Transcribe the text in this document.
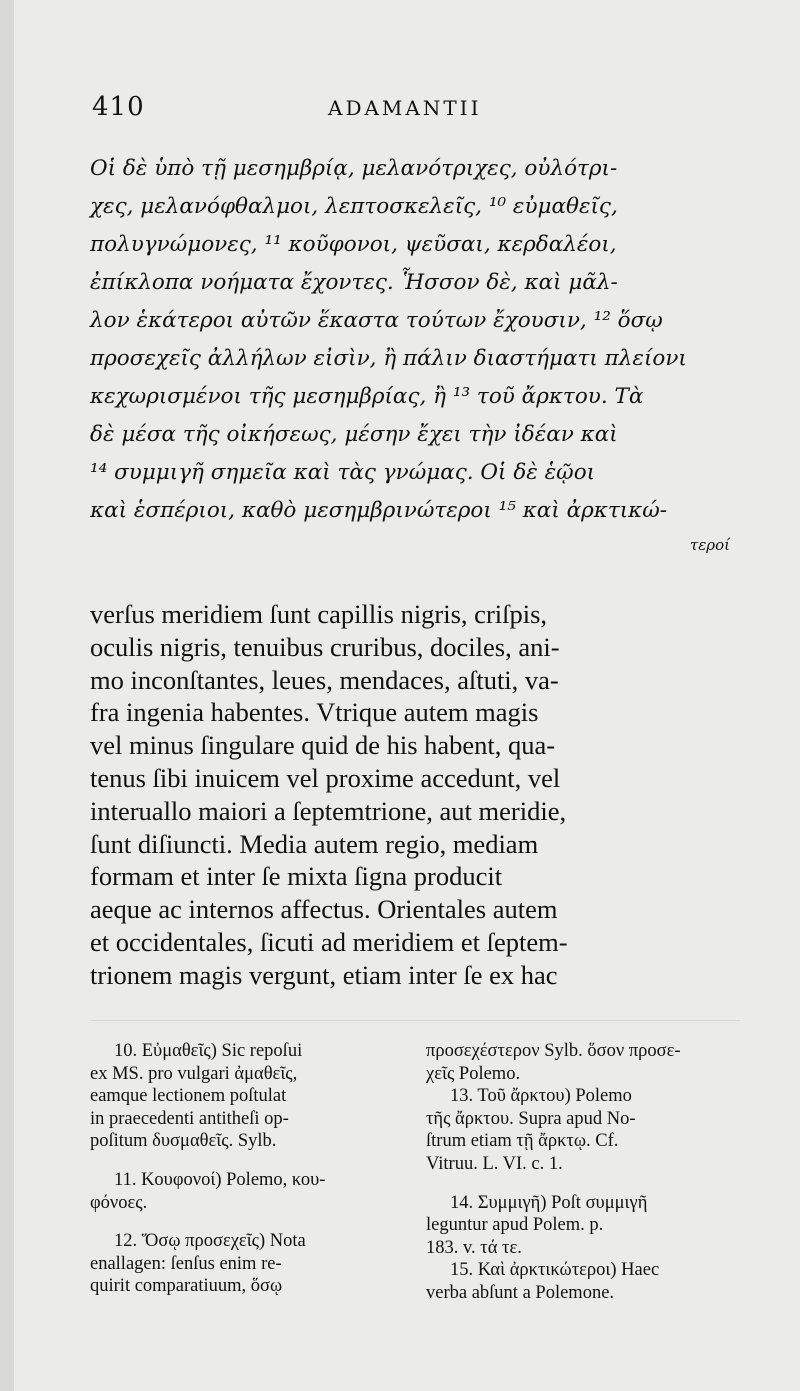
410	ADAMANTII
Οἱ δὲ ὑπὸ τῇ μεσημβρίᾳ, μελανότριχες, οὐλότρι-
χες, μελανόφθαλμοι, λεπτοσκελεῖς, ¹⁰ εὐμαθεῖς,
πολυγνώμονες, ¹¹ κοῦφονοι, ψεῦσαι, κερδαλέοι,
ἐπίκλοπα νοήματα ἔχοντες. Ἧσσον δὲ, καὶ μᾶλ-
λον ἑκάτεροι αὐτῶν ἕκαστα τούτων ἔχουσιν, ¹² ὅσῳ
προσεχεῖς ἀλλήλων εἰσὶν, ἢ πάλιν διαστήματι πλείονι
κεχωρισμένοι τῆς μεσημβρίας, ἢ ¹³ τοῦ ἄρκτου. Τὰ
δὲ μέσα τῆς οἰκήσεως, μέσην ἔχει τὴν ἰδέαν καὶ
¹⁴ συμμιγῆ σημεῖα καὶ τὰς γνώμας. Οἱ δὲ ἑῷοι
καὶ ἑσπέριοι, καθὸ μεσημβρινώτεροι ¹⁵ καὶ ἀρκτικώ-
τεροί
verſus meridiem ſunt capillis nigris, criſpis,
oculis nigris, tenuibus cruribus, dociles, ani-
mo inconſtantes, leues, mendaces, aſtuti, va-
fra ingenia habentes. Vtrique autem magis
vel minus ſingulare quid de his habent, qua-
tenus ſibi inuicem vel proxime accedunt, vel
interuallo maiori a ſeptemtrione, aut meridie,
ſunt diſiuncti. Media autem regio, mediam
formam et inter ſe mixta ſigna producit
aeque ac internos affectus. Orientales autem
et occidentales, ſicuti ad meridiem et ſeptem-
trionem magis vergunt, etiam inter ſe ex hac
10. Εὐμαθεῖς) Sic repoſui
ex MS. pro vulgari ἀμαθεῖς,
eamque lectionem poſtulat
in praecedenti antitheſi op-
poſitum δυσμαθεῖς. Sylb.
11. Κουφονοί) Polemo, κου-
φόνοες.
12. Ὅσῳ προσεχεῖς) Nota
enallagen: ſenſus enim re-
quirit comparatiuum, ὅσῳ
προσεχέστερον Sylb. ὅσον προσε-
χεῖς Polemo.
13. Τοῦ ἄρκτου) Polemo
τῆς ἄρκτου. Supra apud No-
ſtrum etiam τῇ ἄρκτῳ. Cf.
Vitruu. L. VI. c. 1.
14. Συμμιγῆ) Poſt συμμιγῆ
leguntur apud Polem. p.
183. v. τά τε.
15. Καὶ ἀρκτικώτεροι) Haec
verba abſunt a Polemone.
